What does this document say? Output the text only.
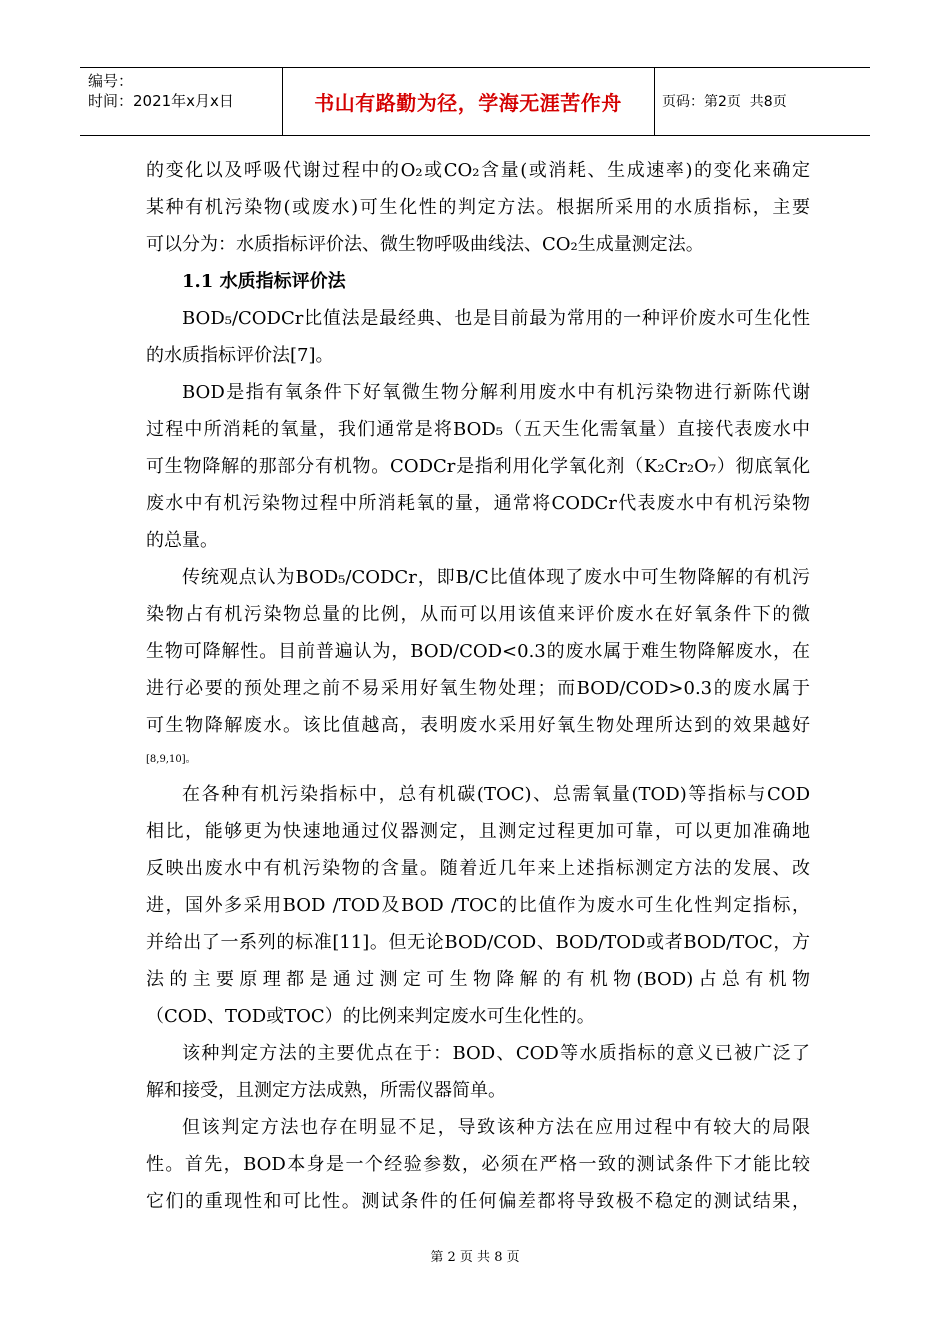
编号：
时间：2021年x月x日	书山有路勤为径，学海无涯苦作舟	页码：第2页  共8页
的变化以及呼吸代谢过程中的O₂或CO₂含量(或消耗、生成速率)的变化来确定
某种有机污染物(或废水)可生化性的判定方法。根据所采用的水质指标，主要
可以分为：水质指标评价法、微生物呼吸曲线法、CO₂生成量测定法。
1.1 水质指标评价法
BOD₅/CODCr比值法是最经典、也是目前最为常用的一种评价废水可生化性
的水质指标评价法[7]。
BOD是指有氧条件下好氧微生物分解利用废水中有机污染物进行新陈代谢
过程中所消耗的氧量，我们通常是将BOD₅（五天生化需氧量）直接代表废水中
可生物降解的那部分有机物。CODCr是指利用化学氧化剂（K₂Cr₂O₇）彻底氧化
废水中有机污染物过程中所消耗氧的量，通常将CODCr代表废水中有机污染物
的总量。
传统观点认为BOD₅/CODCr，即B/C比值体现了废水中可生物降解的有机污
染物占有机污染物总量的比例，从而可以用该值来评价废水在好氧条件下的微
生物可降解性。目前普遍认为，BOD/COD<0.3的废水属于难生物降解废水，在
进行必要的预处理之前不易采用好氧生物处理；而BOD/COD>0.3的废水属于
可生物降解废水。该比值越高，表明废水采用好氧生物处理所达到的效果越好
[8,9,10]。
在各种有机污染指标中，总有机碳(TOC)、总需氧量(TOD)等指标与COD
相比，能够更为快速地通过仪器测定，且测定过程更加可靠，可以更加准确地
反映出废水中有机污染物的含量。随着近几年来上述指标测定方法的发展、改
进，国外多采用BOD /TOD及BOD /TOC的比值作为废水可生化性判定指标，
并给出了一系列的标准[11]。但无论BOD/COD、BOD/TOD或者BOD/TOC，方
法的主要原理都是通过测定可生物降解的有机物(BOD)占总有机物
（COD、TOD或TOC）的比例来判定废水可生化性的。
该种判定方法的主要优点在于：BOD、COD等水质指标的意义已被广泛了
解和接受，且测定方法成熟，所需仪器简单。
但该判定方法也存在明显不足，导致该种方法在应用过程中有较大的局限
性。首先，BOD本身是一个经验参数，必须在严格一致的测试条件下才能比较
它们的重现性和可比性。测试条件的任何偏差都将导致极不稳定的测试结果，
第 2 页 共 8 页
